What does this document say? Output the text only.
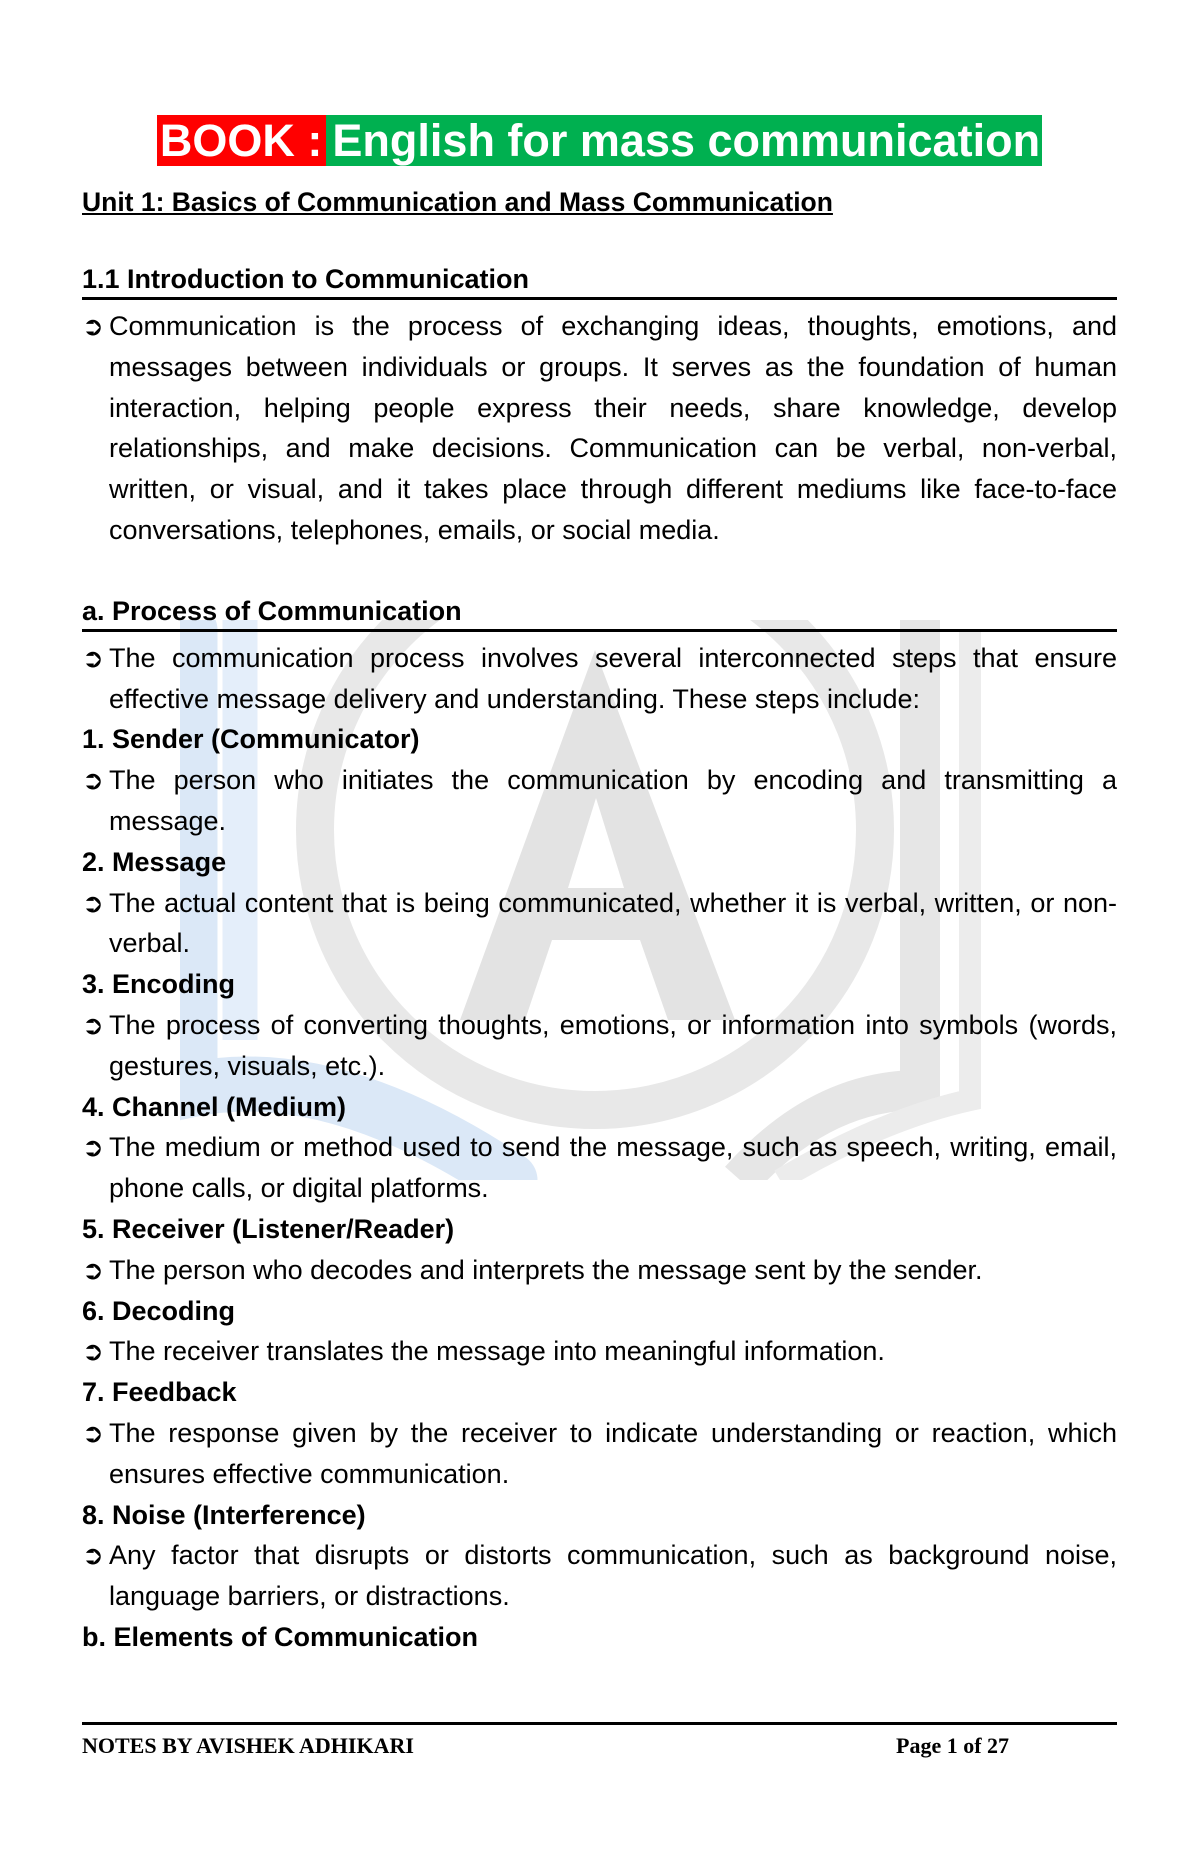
BOOK : English for mass communication
Unit 1: Basics of Communication and Mass Communication
1.1 Introduction to Communication
➲ Communication is the process of exchanging ideas, thoughts, emotions, and messages between individuals or groups. It serves as the foundation of human interaction, helping people express their needs, share knowledge, develop relationships, and make decisions. Communication can be verbal, non-verbal, written, or visual, and it takes place through different mediums like face-to-face conversations, telephones, emails, or social media.
a. Process of Communication
➲ The communication process involves several interconnected steps that ensure effective message delivery and understanding. These steps include:
1. Sender (Communicator)
➲ The person who initiates the communication by encoding and transmitting a message.
2. Message
➲ The actual content that is being communicated, whether it is verbal, written, or non-verbal.
3. Encoding
➲ The process of converting thoughts, emotions, or information into symbols (words, gestures, visuals, etc.).
4. Channel (Medium)
➲ The medium or method used to send the message, such as speech, writing, email, phone calls, or digital platforms.
5. Receiver (Listener/Reader)
➲ The person who decodes and interprets the message sent by the sender.
6. Decoding
➲ The receiver translates the message into meaningful information.
7. Feedback
➲ The response given by the receiver to indicate understanding or reaction, which ensures effective communication.
8. Noise (Interference)
➲ Any factor that disrupts or distorts communication, such as background noise, language barriers, or distractions.
b. Elements of Communication
NOTES BY AVISHEK ADHIKARI	Page 1 of 27
